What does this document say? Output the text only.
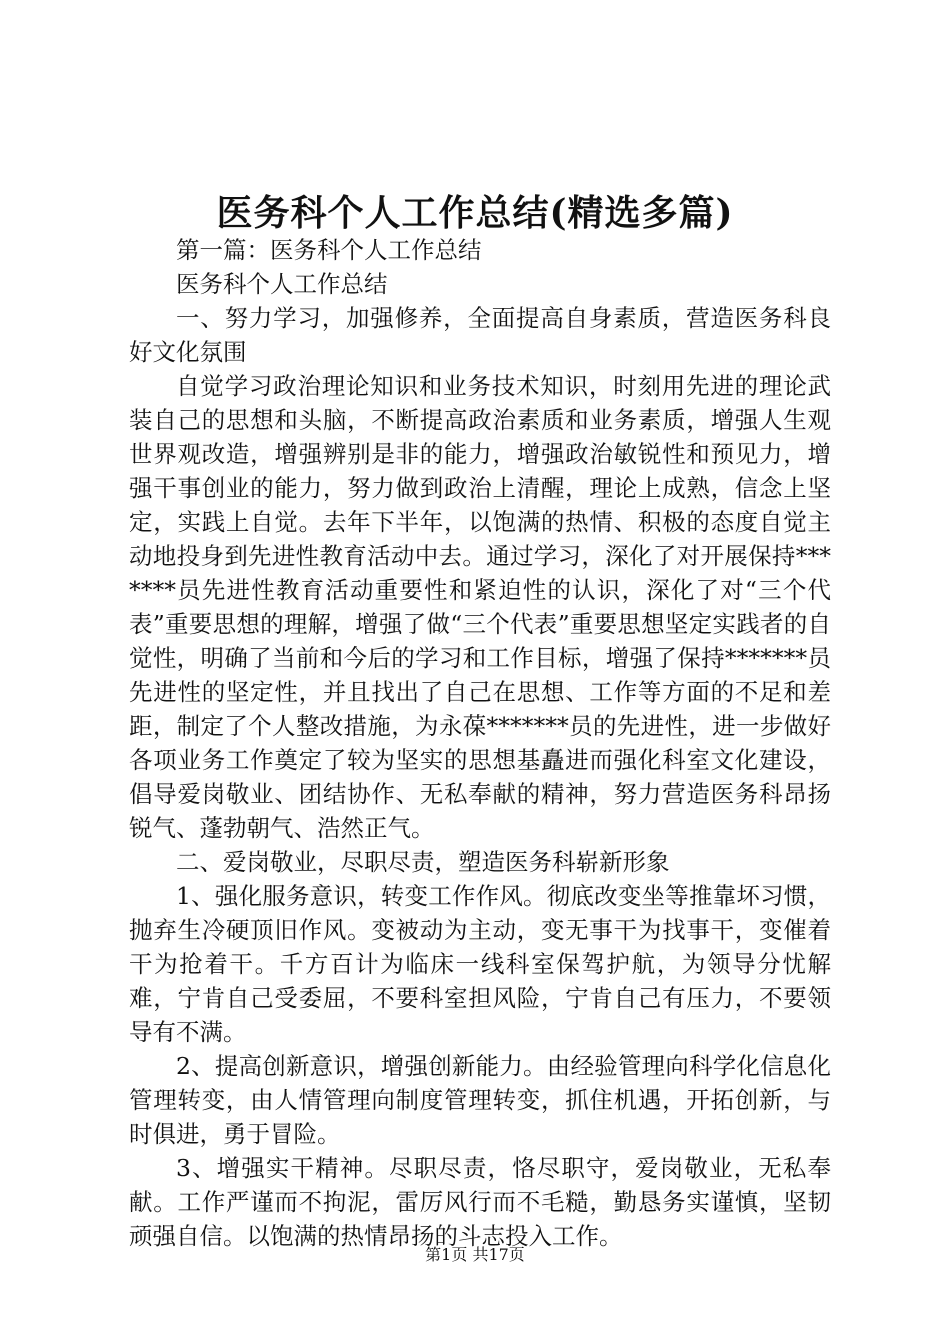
医务科个人工作总结(精选多篇)

第一篇：医务科个人工作总结

医务科个人工作总结

一、努力学习，加强修养，全面提高自身素质，营造医务科良好文化氛围

自觉学习政治理论知识和业务技术知识，时刻用先进的理论武装自己的思想和头脑，不断提高政治素质和业务素质，增强人生观世界观改造，增强辨别是非的能力，增强政治敏锐性和预见力，增强干事创业的能力，努力做到政治上清醒，理论上成熟，信念上坚定，实践上自觉。去年下半年，以饱满的热情、积极的态度自觉主动地投身到先进性教育活动中去。通过学习，深化了对开展保持*******员先进性教育活动重要性和紧迫性的认识，深化了对“三个代表”重要思想的理解，增强了做“三个代表”重要思想坚定实践者的自觉性，明确了当前和今后的学习和工作目标，增强了保持*******员先进性的坚定性，并且找出了自己在思想、工作等方面的不足和差距，制定了个人整改措施，为永葆*******员的先进性，进一步做好各项业务工作奠定了较为坚实的思想基矗进而强化科室文化建设，倡导爱岗敬业、团结协作、无私奉献的精神，努力营造医务科昂扬锐气、蓬勃朝气、浩然正气。

二、爱岗敬业，尽职尽责，塑造医务科崭新形象

1、强化服务意识，转变工作作风。彻底改变坐等推靠坏习惯，抛弃生冷硬顶旧作风。变被动为主动，变无事干为找事干，变催着干为抢着干。千方百计为临床一线科室保驾护航，为领导分忧解难，宁肯自己受委屈，不要科室担风险，宁肯自己有压力，不要领导有不满。

2、提高创新意识，增强创新能力。由经验管理向科学化信息化管理转变，由人情管理向制度管理转变，抓住机遇，开拓创新，与时俱进，勇于冒险。

3、增强实干精神。尽职尽责，恪尽职守，爱岗敬业，无私奉献。工作严谨而不拘泥，雷厉风行而不毛糙，勤恳务实谨慎，坚韧顽强自信。以饱满的热情昂扬的斗志投入工作。

第1页 共17页
